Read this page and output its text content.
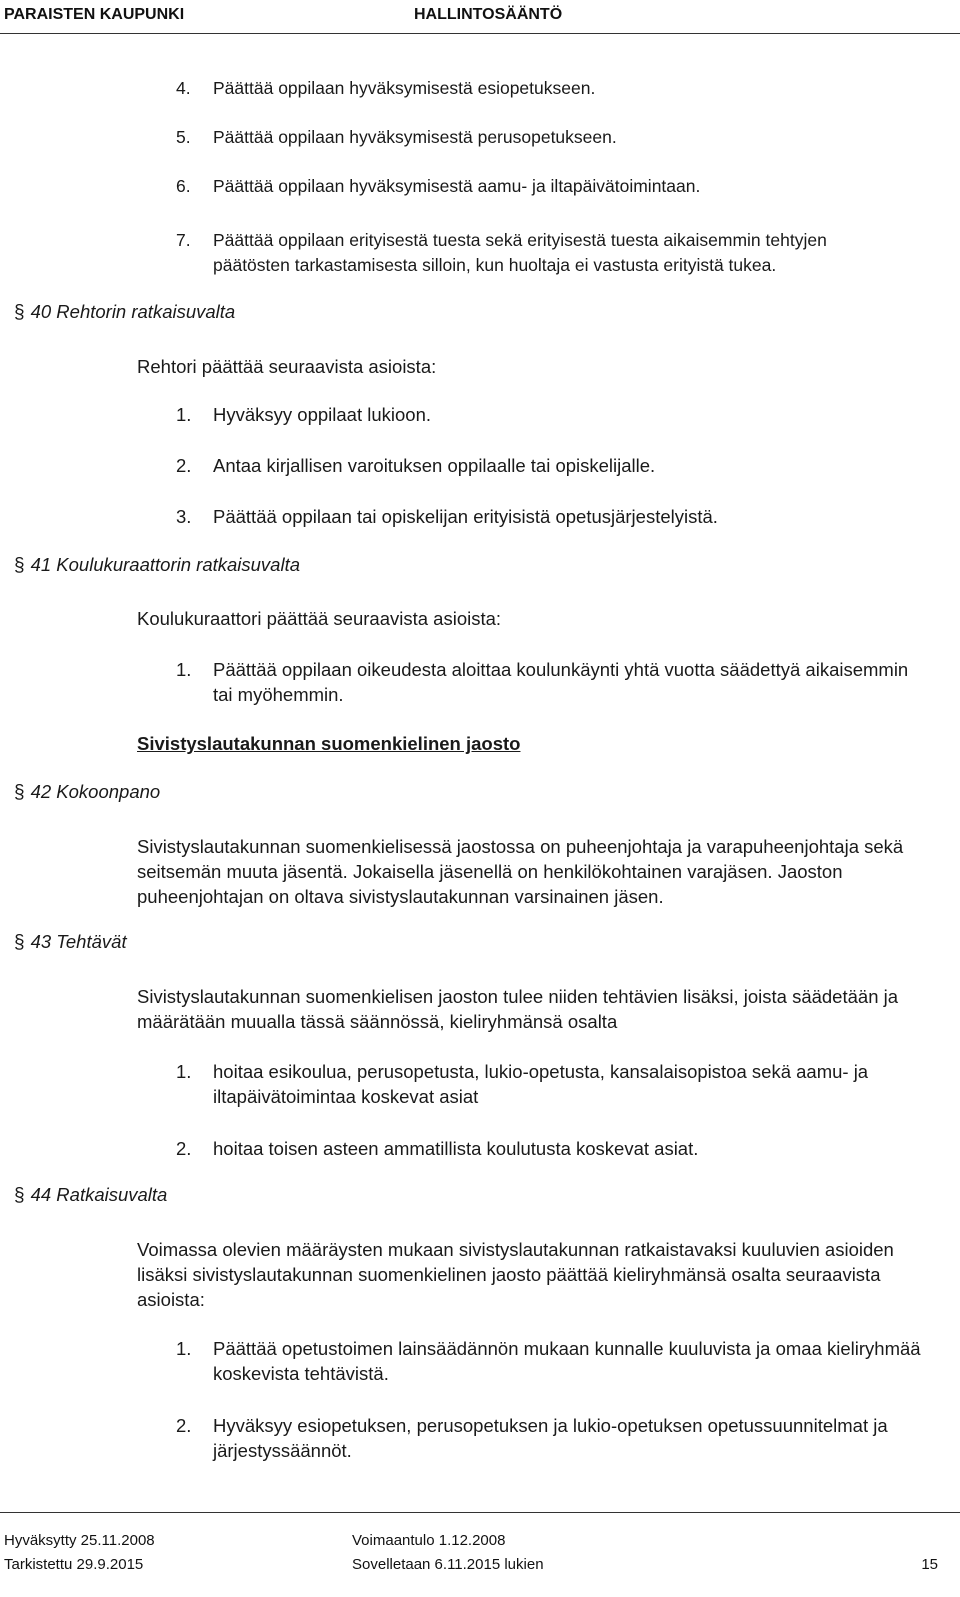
PARAISTEN KAUPUNKI	HALLINTOSÄÄNTÖ
4. Päättää oppilaan hyväksymisestä esiopetukseen.
5. Päättää oppilaan hyväksymisestä perusopetukseen.
6. Päättää oppilaan hyväksymisestä aamu- ja iltapäivätoimintaan.
7. Päättää oppilaan erityisestä tuesta sekä erityisestä tuesta aikaisemmin tehtyjen
päätösten tarkastamisesta silloin, kun huoltaja ei vastusta erityistä tukea.
§ 40 Rehtorin ratkaisuvalta
Rehtori päättää seuraavista asioista:
1. Hyväksyy oppilaat lukioon.
2. Antaa kirjallisen varoituksen oppilaalle tai opiskelijalle.
3. Päättää oppilaan tai opiskelijan erityisistä opetusjärjestelyistä.
§ 41 Koulukuraattorin ratkaisuvalta
Koulukuraattori päättää seuraavista asioista:
1. Päättää oppilaan oikeudesta aloittaa koulunkäynti yhtä vuotta säädettyä aikaisemmin
tai myöhemmin.
Sivistyslautakunnan suomenkielinen jaosto
§ 42 Kokoonpano
Sivistyslautakunnan suomenkielisessä jaostossa on puheenjohtaja ja varapuheenjohtaja sekä
seitsemän muuta jäsentä. Jokaisella jäsenellä on henkilökohtainen varajäsen. Jaoston
puheenjohtajan on oltava sivistyslautakunnan varsinainen jäsen.
§ 43 Tehtävät
Sivistyslautakunnan suomenkielisen jaoston tulee niiden tehtävien lisäksi, joista säädetään ja
määrätään muualla tässä säännössä, kieliryhmänsä osalta
1. hoitaa esikoulua, perusopetusta, lukio-opetusta, kansalaisopistoa sekä aamu- ja
iltapäivätoimintaa koskevat asiat
2. hoitaa toisen asteen ammatillista koulutusta koskevat asiat.
§ 44 Ratkaisuvalta
Voimassa olevien määräysten mukaan sivistyslautakunnan ratkaistavaksi kuuluvien asioiden
lisäksi sivistyslautakunnan suomenkielinen jaosto päättää kieliryhmänsä osalta seuraavista
asioista:
1. Päättää opetustoimen lainsäädännön mukaan kunnalle kuuluvista ja omaa kieliryhmää
koskevista tehtävistä.
2. Hyväksyy esiopetuksen, perusopetuksen ja lukio-opetuksen opetussuunnitelmat ja
järjestyssäännöt.
Hyväksytty 25.11.2008
Tarkistettu 29.9.2015
Voimaantulo 1.12.2008
Sovelletaan 6.11.2015 lukien	15
